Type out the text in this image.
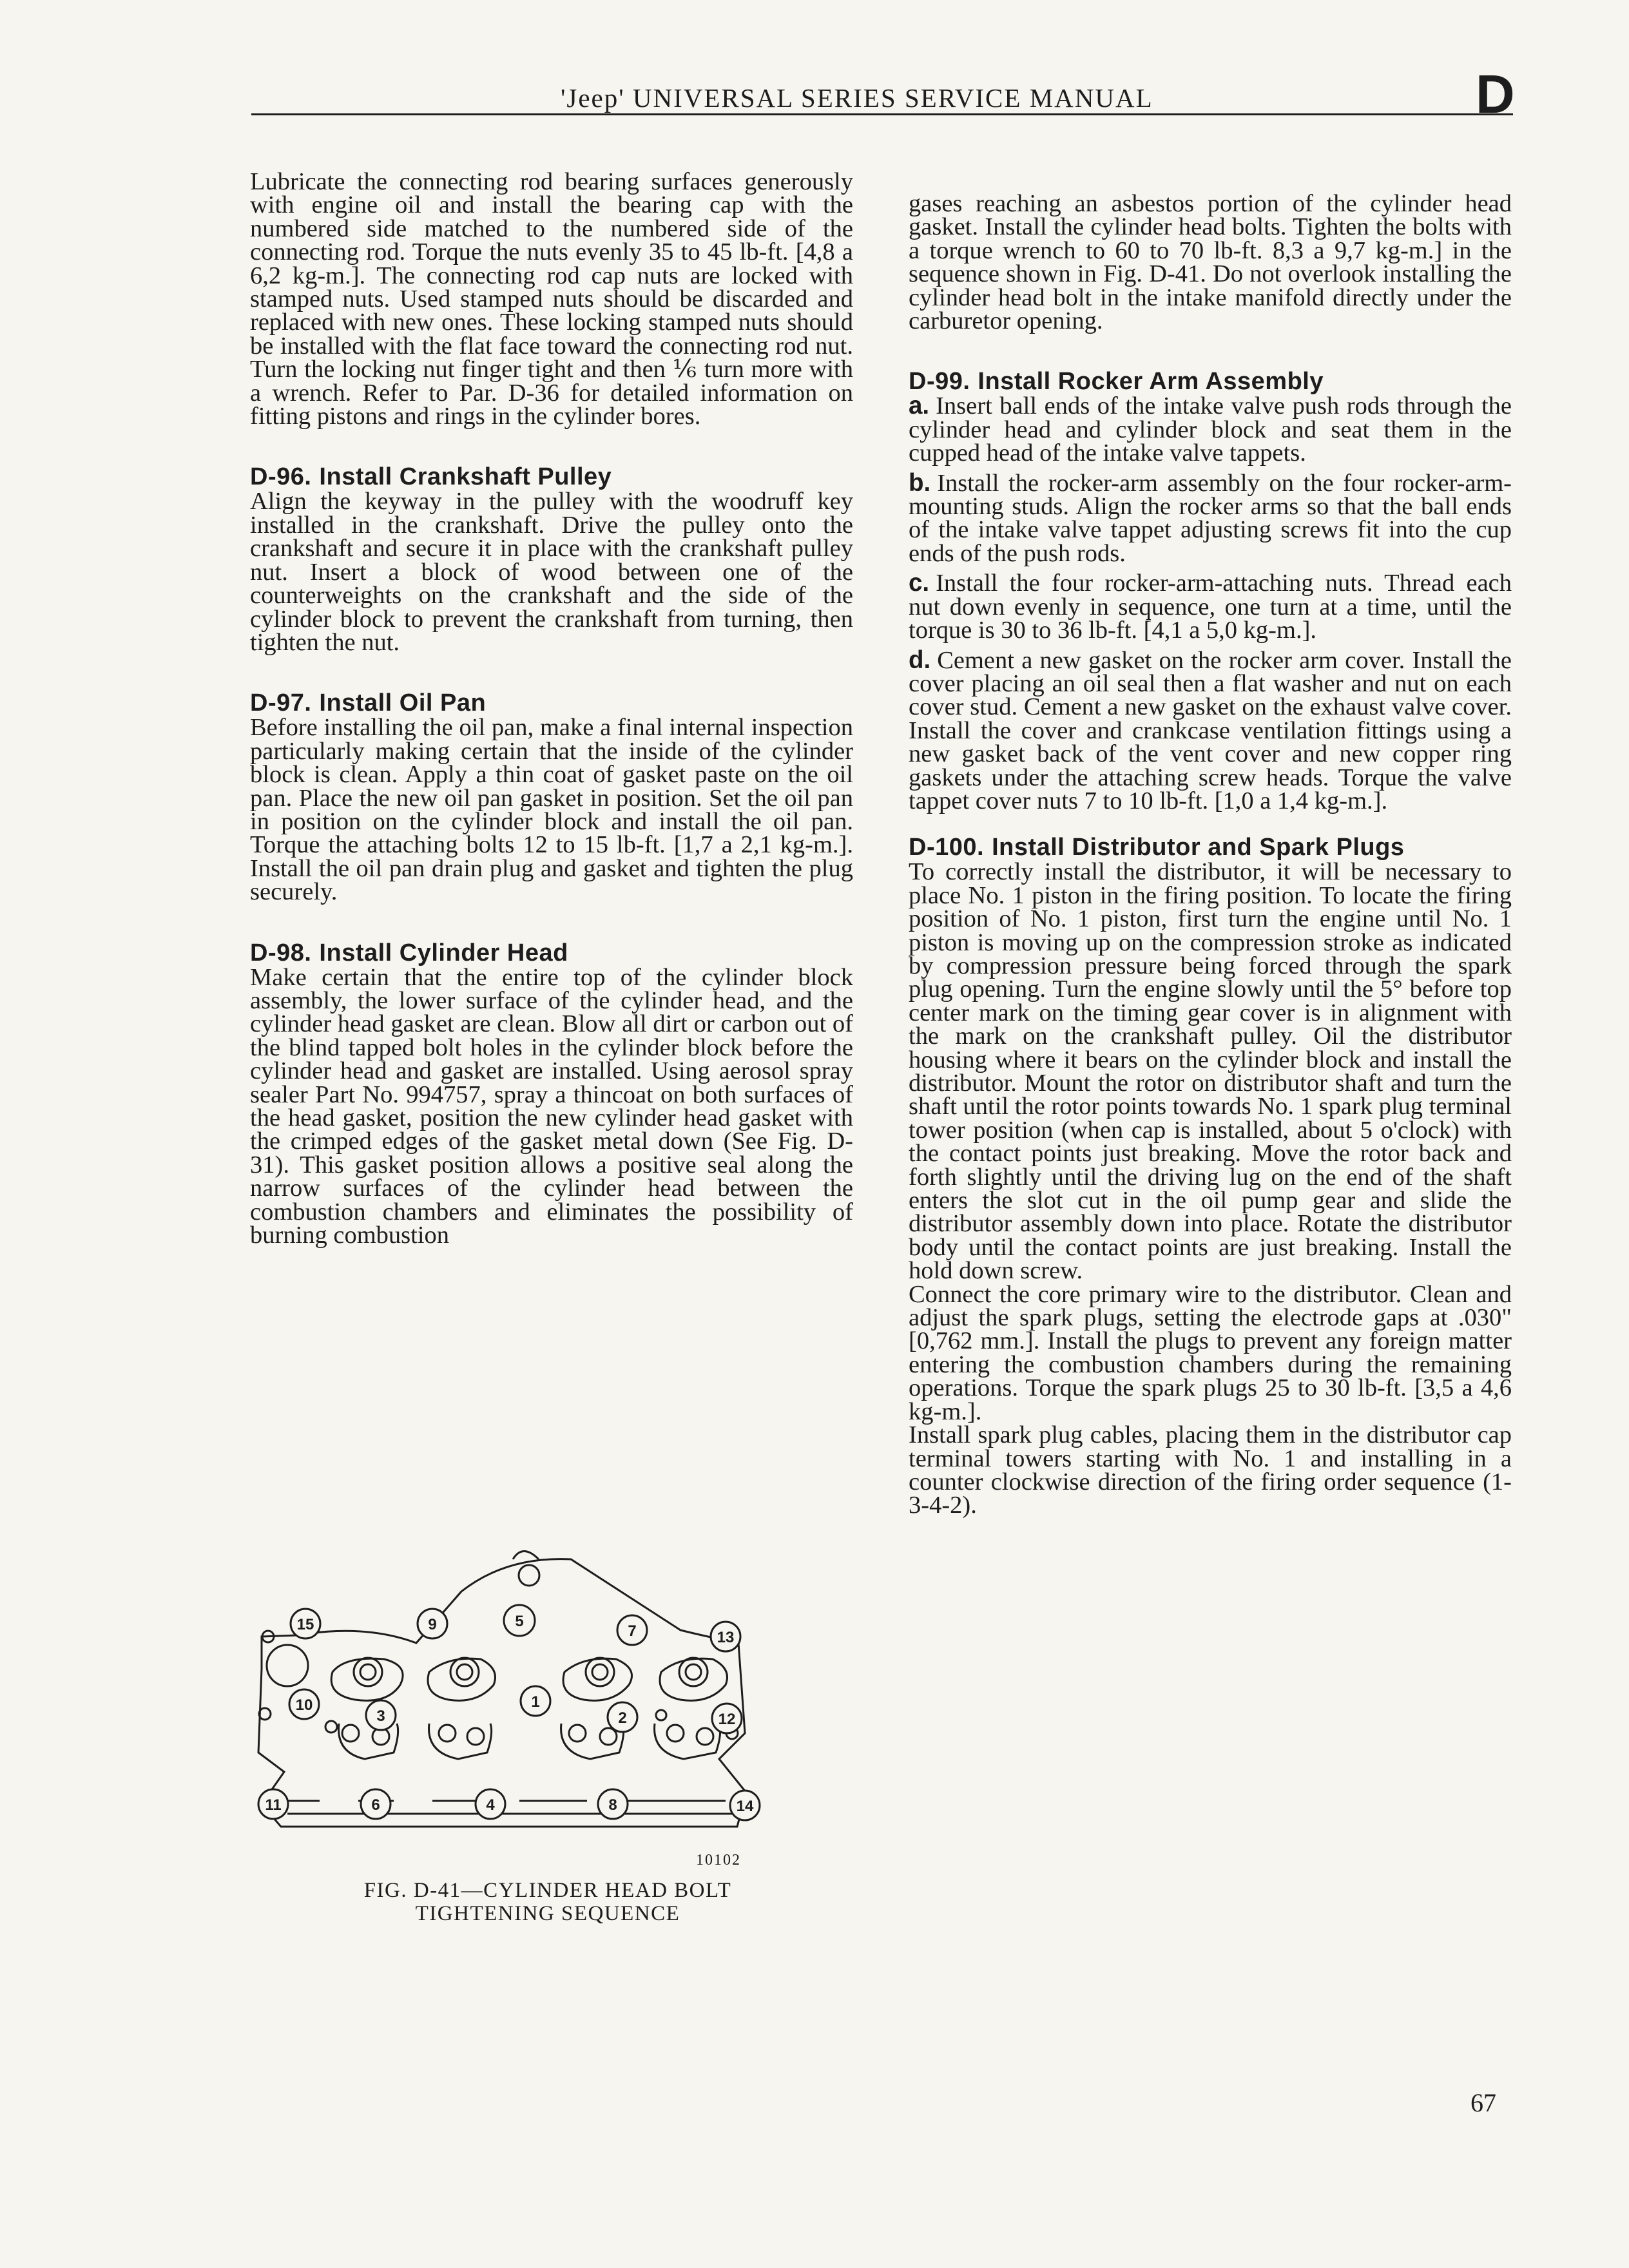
'Jeep' UNIVERSAL SERIES SERVICE MANUAL	D

Lubricate the connecting rod bearing surfaces generously with engine oil and install the bearing cap with the numbered side matched to the numbered side of the connecting rod. Torque the nuts evenly 35 to 45 lb-ft. [4,8 a 6,2 kg-m.]. The connecting rod cap nuts are locked with stamped nuts. Used stamped nuts should be discarded and replaced with new ones. These locking stamped nuts should be installed with the flat face toward the connecting rod nut. Turn the locking nut finger tight and then ⅙ turn more with a wrench. Refer to Par. D-36 for detailed information on fitting pistons and rings in the cylinder bores.

D-96. Install Crankshaft Pulley

Align the keyway in the pulley with the woodruff key installed in the crankshaft. Drive the pulley onto the crankshaft and secure it in place with the crankshaft pulley nut. Insert a block of wood between one of the counterweights on the crankshaft and the side of the cylinder block to prevent the crankshaft from turning, then tighten the nut.

D-97. Install Oil Pan

Before installing the oil pan, make a final internal inspection particularly making certain that the inside of the cylinder block is clean. Apply a thin coat of gasket paste on the oil pan. Place the new oil pan gasket in position. Set the oil pan in position on the cylinder block and install the oil pan. Torque the attaching bolts 12 to 15 lb-ft. [1,7 a 2,1 kg-m.]. Install the oil pan drain plug and gasket and tighten the plug securely.

D-98. Install Cylinder Head

Make certain that the entire top of the cylinder block assembly, the lower surface of the cylinder head, and the cylinder head gasket are clean. Blow all dirt or carbon out of the blind tapped bolt holes in the cylinder block before the cylinder head and gasket are installed. Using aerosol spray sealer Part No. 994757, spray a thincoat on both surfaces of the head gasket, position the new cylinder head gasket with the crimped edges of the gasket metal down (See Fig. D-31). This gasket position allows a positive seal along the narrow surfaces of the cylinder head between the combustion chambers and eliminates the possibility of burning combustion

1
2
3
4
5
6
7
8
9
10
11
12
13
14
15
10102
FIG. D-41—CYLINDER HEAD BOLT
TIGHTENING SEQUENCE

gases reaching an asbestos portion of the cylinder head gasket. Install the cylinder head bolts. Tighten the bolts with a torque wrench to 60 to 70 lb-ft. 8,3 a 9,7 kg-m.] in the sequence shown in Fig. D-41. Do not overlook installing the cylinder head bolt in the intake manifold directly under the carburetor opening.

D-99. Install Rocker Arm Assembly

a. Insert ball ends of the intake valve push rods through the cylinder head and cylinder block and seat them in the cupped head of the intake valve tappets.

b. Install the rocker-arm assembly on the four rocker-arm-mounting studs. Align the rocker arms so that the ball ends of the intake valve tappet adjusting screws fit into the cup ends of the push rods.

c. Install the four rocker-arm-attaching nuts. Thread each nut down evenly in sequence, one turn at a time, until the torque is 30 to 36 lb-ft. [4,1 a 5,0 kg-m.].

d. Cement a new gasket on the rocker arm cover. Install the cover placing an oil seal then a flat washer and nut on each cover stud. Cement a new gasket on the exhaust valve cover. Install the cover and crankcase ventilation fittings using a new gasket back of the vent cover and new copper ring gaskets under the attaching screw heads. Torque the valve tappet cover nuts 7 to 10 lb-ft. [1,0 a 1,4 kg-m.].

D-100. Install Distributor and Spark Plugs

To correctly install the distributor, it will be necessary to place No. 1 piston in the firing position. To locate the firing position of No. 1 piston, first turn the engine until No. 1 piston is moving up on the compression stroke as indicated by compression pressure being forced through the spark plug opening. Turn the engine slowly until the 5° before top center mark on the timing gear cover is in alignment with the mark on the crankshaft pulley. Oil the distributor housing where it bears on the cylinder block and install the distributor. Mount the rotor on distributor shaft and turn the shaft until the rotor points towards No. 1 spark plug terminal tower position (when cap is installed, about 5 o'clock) with the contact points just breaking. Move the rotor back and forth slightly until the driving lug on the end of the shaft enters the slot cut in the oil pump gear and slide the distributor assembly down into place. Rotate the distributor body until the contact points are just breaking. Install the hold down screw.

Connect the core primary wire to the distributor. Clean and adjust the spark plugs, setting the electrode gaps at .030" [0,762 mm.]. Install the plugs to prevent any foreign matter entering the combustion chambers during the remaining operations. Torque the spark plugs 25 to 30 lb-ft. [3,5 a 4,6 kg-m.].

Install spark plug cables, placing them in the distributor cap terminal towers starting with No. 1 and installing in a counter clockwise direction of the firing order sequence (1-3-4-2).

67
